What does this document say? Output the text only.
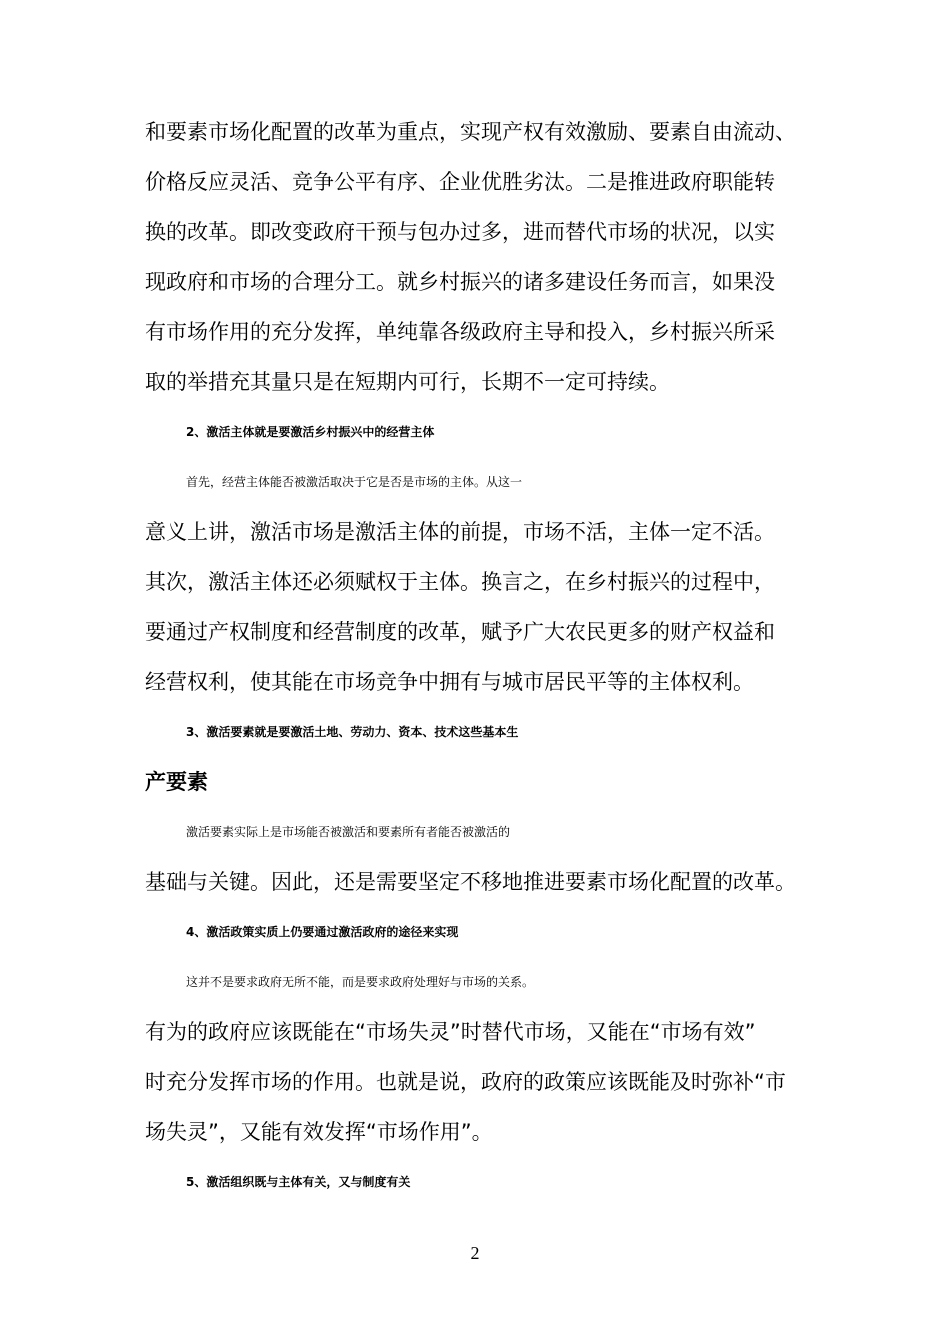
和要素市场化配置的改革为重点，实现产权有效激励、要素自由流动、
价格反应灵活、竞争公平有序、企业优胜劣汰。二是推进政府职能转
换的改革。即改变政府干预与包办过多，进而替代市场的状况，以实
现政府和市场的合理分工。就乡村振兴的诸多建设任务而言，如果没
有市场作用的充分发挥，单纯靠各级政府主导和投入，乡村振兴所采
取的举措充其量只是在短期内可行，长期不一定可持续。
2、激活主体就是要激活乡村振兴中的经营主体
首先，经营主体能否被激活取决于它是否是市场的主体。从这一
意义上讲，激活市场是激活主体的前提，市场不活，主体一定不活。
其次，激活主体还必须赋权于主体。换言之，在乡村振兴的过程中，
要通过产权制度和经营制度的改革，赋予广大农民更多的财产权益和
经营权利，使其能在市场竞争中拥有与城市居民平等的主体权利。
3、激活要素就是要激活土地、劳动力、资本、技术这些基本生
产要素
激活要素实际上是市场能否被激活和要素所有者能否被激活的
基础与关键。因此，还是需要坚定不移地推进要素市场化配置的改革。
4、激活政策实质上仍要通过激活政府的途径来实现
这并不是要求政府无所不能，而是要求政府处理好与市场的关系。
有为的政府应该既能在“市场失灵”时替代市场，又能在“市场有效”
时充分发挥市场的作用。也就是说，政府的政策应该既能及时弥补“市
场失灵”，又能有效发挥“市场作用”。
5、激活组织既与主体有关，又与制度有关
2
